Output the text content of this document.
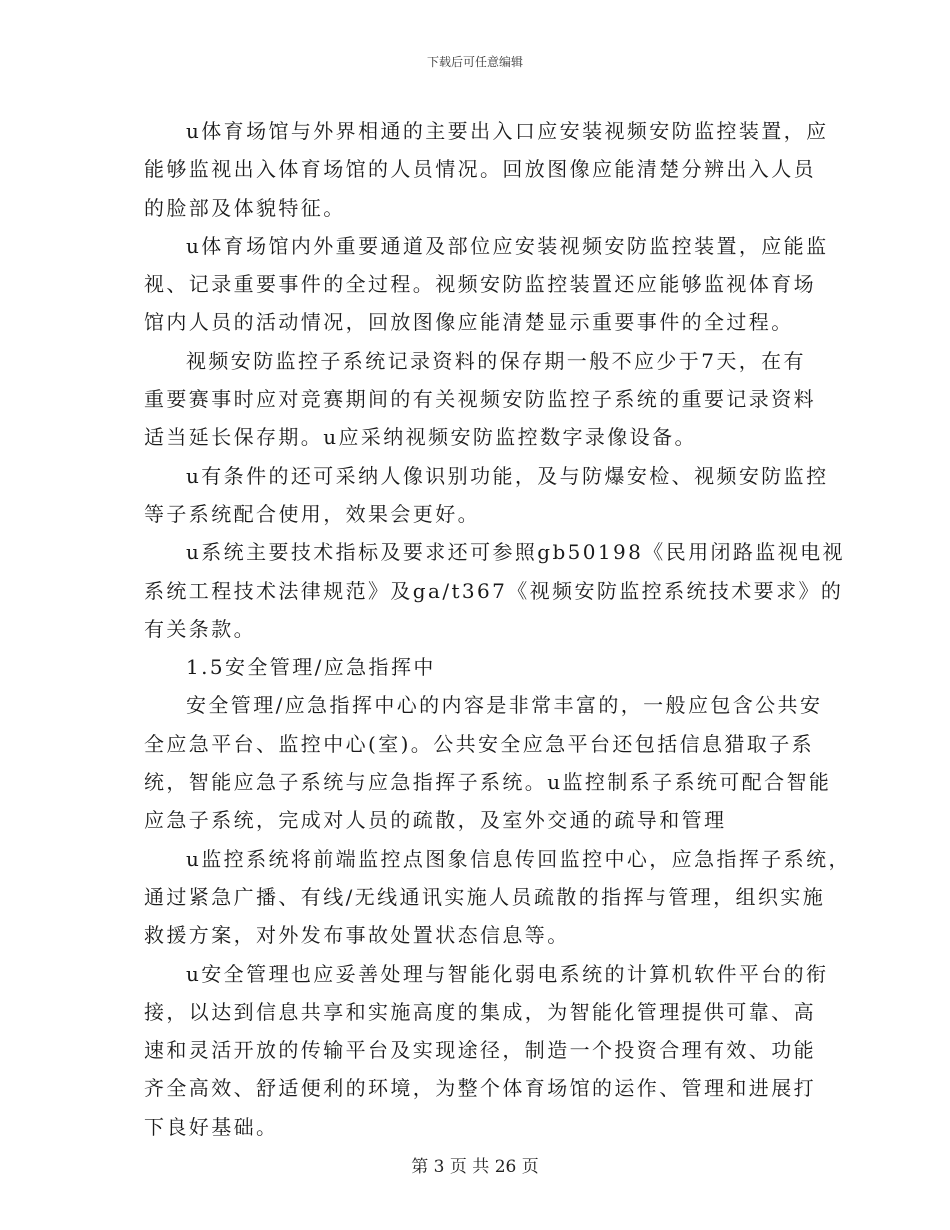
下载后可任意编辑
u体育场馆与外界相通的主要出入口应安装视频安防监控装置，应
能够监视出入体育场馆的人员情况。回放图像应能清楚分辨出入人员
的脸部及体貌特征。
u体育场馆内外重要通道及部位应安装视频安防监控装置，应能监
视、记录重要事件的全过程。视频安防监控装置还应能够监视体育场
馆内人员的活动情况，回放图像应能清楚显示重要事件的全过程。
视频安防监控子系统记录资料的保存期一般不应少于7天，在有
重要赛事时应对竞赛期间的有关视频安防监控子系统的重要记录资料
适当延长保存期。u应采纳视频安防监控数字录像设备。
u有条件的还可采纳人像识别功能，及与防爆安检、视频安防监控
等子系统配合使用，效果会更好。
u系统主要技术指标及要求还可参照gb50198《民用闭路监视电视
系统工程技术法律规范》及ga/t367《视频安防监控系统技术要求》的
有关条款。
1.5安全管理/应急指挥中
安全管理/应急指挥中心的内容是非常丰富的，一般应包含公共安
全应急平台、监控中心(室)。公共安全应急平台还包括信息猎取子系
统，智能应急子系统与应急指挥子系统。u监控制系子系统可配合智能
应急子系统，完成对人员的疏散，及室外交通的疏导和管理
u监控系统将前端监控点图象信息传回监控中心，应急指挥子系统，
通过紧急广播、有线/无线通讯实施人员疏散的指挥与管理，组织实施
救援方案，对外发布事故处置状态信息等。
u安全管理也应妥善处理与智能化弱电系统的计算机软件平台的衔
接，以达到信息共享和实施高度的集成，为智能化管理提供可靠、高
速和灵活开放的传输平台及实现途径，制造一个投资合理有效、功能
齐全高效、舒适便利的环境，为整个体育场馆的运作、管理和进展打
下良好基础。
第 3 页 共 26 页
